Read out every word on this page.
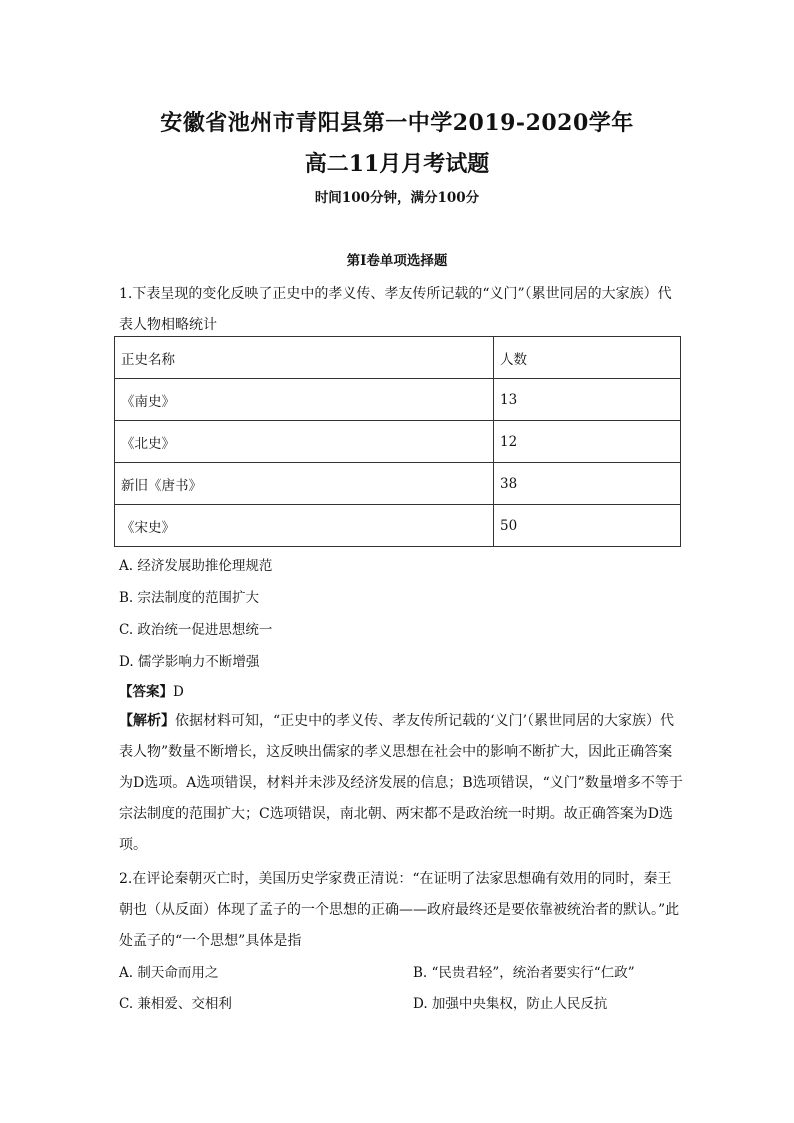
安徽省池州市青阳县第一中学2019-2020学年
高二11月月考试题
时间100分钟，满分100分
第Ⅰ卷单项选择题
1.下表呈现的变化反映了正史中的孝义传、孝友传所记载的“义门”（累世同居的大家族）代表人物相略统计
正史名称	人数
《南史》	13
《北史》	12
新旧《唐书》	38
《宋史》	50
A. 经济发展助推伦理规范
B. 宗法制度的范围扩大
C. 政治统一促进思想统一
D. 儒学影响力不断增强
【答案】D
【解析】依据材料可知，“正史中的孝义传、孝友传所记载的‘义门’（累世同居的大家族）代表人物”数量不断增长，这反映出儒家的孝义思想在社会中的影响不断扩大，因此正确答案为D选项。A选项错误，材料并未涉及经济发展的信息；B选项错误，“义门”数量增多不等于宗法制度的范围扩大；C选项错误，南北朝、两宋都不是政治统一时期。故正确答案为D选项。
2.在评论秦朝灭亡时，美国历史学家费正清说：“在证明了法家思想确有效用的同时，秦王朝也（从反面）体现了孟子的一个思想的正确——政府最终还是要依靠被统治者的默认。”此处孟子的“一个思想”具体是指
A. 制天命而用之	B. “民贵君轻”，统治者要实行“仁政”
C. 兼相爱、交相利	D. 加强中央集权，防止人民反抗
